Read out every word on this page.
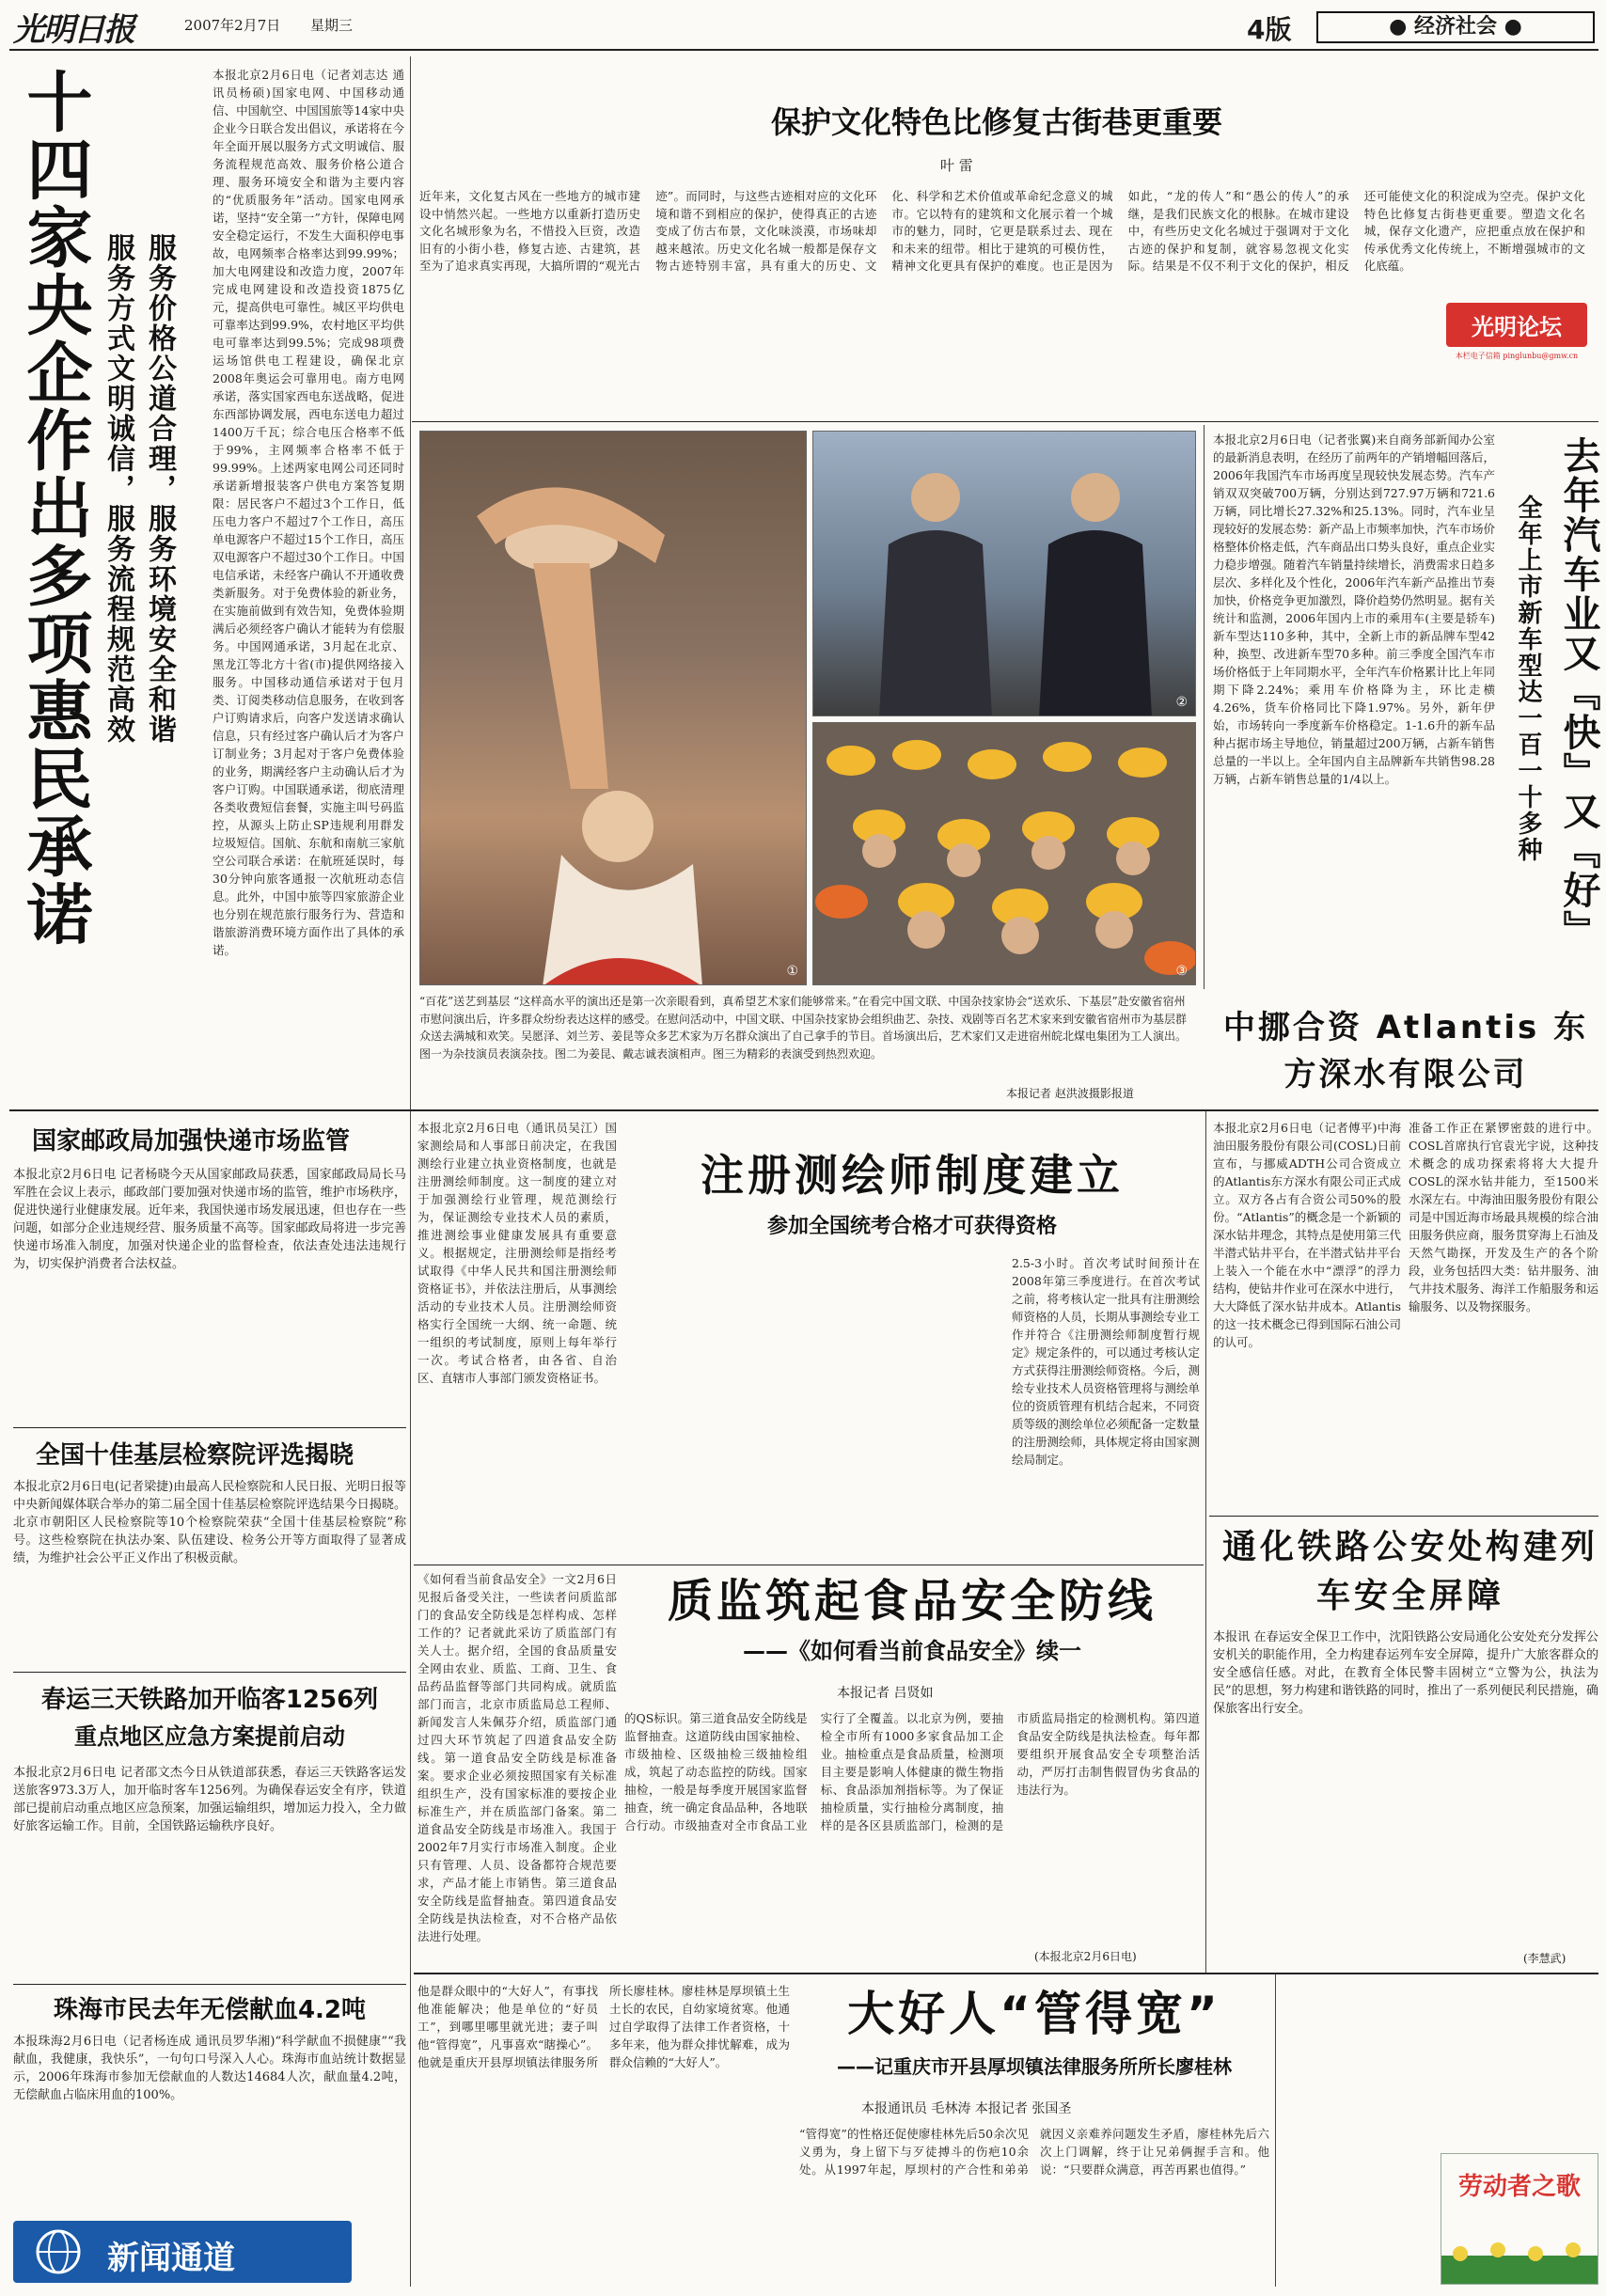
光明日报	2007年2月7日 星期三	4版	● 经济社会 ●
十四家央企作出多项惠民承诺 服务价格公道合理，服务环境安全和谐
服务方式文明诚信，服务流程规范高效
本报北京2月6日电（记者刘志达 通讯员杨硕)国家电网、中国移动通信、中国航空、中国国旅等14家中央企业今日联合发出倡议，承诺将在今年全面开展以服务方式文明诚信、服务流程规范高效、服务价格公道合理、服务环境安全和谐为主要内容的“优质服务年”活动。国家电网承诺，坚持“安全第一”方针，保障电网安全稳定运行，不发生大面积停电事故，电网频率合格率达到99.99%；加大电网建设和改造力度，2007年完成电网建设和改造投资1875亿元，提高供电可靠性。城区平均供电可靠率达到99.9%，农村地区平均供电可靠率达到99.5%；完成98项费运场馆供电工程建设，确保北京2008年奥运会可靠用电。南方电网承诺，落实国家西电东送战略，促进东西部协调发展，西电东送电力超过1400万千瓦；综合电压合格率不低于99%，主网频率合格率不低于99.99%。上述两家电网公司还同时承诺新增报装客户供电方案答复期限：居民客户不超过3个工作日，低压电力客户不超过7个工作日，高压单电源客户不超过15个工作日，高压双电源客户不超过30个工作日。中国电信承诺，未经客户确认不开通收费类新服务。对于免费体验的新业务，在实施前做到有效告知，免费体验期满后必须经客户确认才能转为有偿服务。中国网通承诺，3月起在北京、黑龙江等北方十省(市)提供网络接入服务。中国移动通信承诺对于包月类、订阅类移动信息服务，在收到客户订购请求后，向客户发送请求确认信息，只有经过客户确认后才为客户订制业务；3月起对于客户免费体验的业务，期满经客户主动确认后才为客户订购。中国联通承诺，彻底清理各类收费短信套餐，实施主叫号码监控，从源头上防止SP违规利用群发垃圾短信。国航、东航和南航三家航空公司联合承诺：在航班延误时，每30分钟向旅客通报一次航班动态信息。此外，中国中旅等四家旅游企业也分别在规范旅行服务行为、营造和谐旅游消费环境方面作出了具体的承诺。
保护文化特色比修复古街巷更重要
叶 雷
近年来，文化复古风在一些地方的城市建设中悄然兴起。一些地方以重新打造历史文化名城形象为名，不惜投入巨资，改造旧有的小街小巷，修复古迹、古建筑，甚至为了追求真实再现，大搞所谓的“观光古迹”。而同时，与这些古迹相对应的文化环境和谐不到相应的保护，使得真正的古迹变成了仿古布景，文化味淡漠，市场味却越来越浓。历史文化名城一般都是保存文物古迹特别丰富，具有重大的历史、文化、科学和艺术价值或革命纪念意义的城市。它以特有的建筑和文化展示着一个城市的魅力，同时，它更是联系过去、现在和未来的纽带。相比于建筑的可模仿性，精神文化更具有保护的难度。也正是因为如此，“龙的传人”和“愚公的传人”的承继，是我们民族文化的根脉。在城市建设中，有些历史文化名城过于强调对于文化古迹的保护和复制，就容易忽视文化实际。结果是不仅不利于文化的保护，相反还可能使文化的积淀成为空壳。保护文化特色比修复古街巷更重要。塑造文化名城，保存文化遗产，应把重点放在保护和传承优秀文化传统上，不断增强城市的文化底蕴。
光明论坛
本栏电子信箱 pinglunbu@gmw.cn
①
②
③
“百花”送艺到基层 “这样高水平的演出还是第一次亲眼看到，真希望艺术家们能够常来。”在看完中国文联、中国杂技家协会“送欢乐、下基层”赴安徽省宿州市慰问演出后，许多群众纷纷表达这样的感受。在慰问活动中，中国文联、中国杂技家协会组织曲艺、杂技、戏剧等百名艺术家来到安徽省宿州市为基层群众送去满城和欢笑。吴愿泽、刘兰芳、姜昆等众多艺术家为万名群众演出了自己拿手的节目。首场演出后，艺术家们又走进宿州皖北煤电集团为工人演出。图一为杂技演员表演杂技。图二为姜昆、戴志诚表演相声。图三为精彩的表演受到热烈欢迎。
本报记者 赵洪波摄影报道
本报北京2月6日电（记者张翼)来自商务部新闻办公室的最新消息表明，在经历了前两年的产销增幅回落后，2006年我国汽车市场再度呈现较快发展态势。汽车产销双双突破700万辆，分别达到727.97万辆和721.6万辆，同比增长27.32%和25.13%。同时，汽车业呈现较好的发展态势：新产品上市频率加快，汽车市场价格整体价格走低，汽车商品出口势头良好，重点企业实力稳步增强。随着汽车销量持续增长，消费需求日趋多层次、多样化及个性化，2006年汽车新产品推出节奏加快，价格竞争更加激烈，降价趋势仍然明显。据有关统计和监测，2006年国内上市的乘用车(主要是轿车)新车型达110多种，其中，全新上市的新品牌车型42种，换型、改进新车型70多种。前三季度全国汽车市场价格低于上年同期水平，全年汽车价格累计比上年同期下降2.24%；乘用车价格降为主，环比走横4.26%，货车价格同比下降1.97%。另外，新年伊始，市场转向一季度新车价格稳定。1-1.6升的新车品种占据市场主导地位，销量超过200万辆，占新车销售总量的一半以上。全年国内自主品牌新车共销售98.28万辆，占新车销售总量的1/4以上。	去年汽车业又『快』又『好』
全年上市新车型达一百一十多种
国家邮政局加强快递市场监管
本报北京2月6日电 记者杨晓今天从国家邮政局获悉，国家邮政局局长马军胜在会议上表示，邮政部门要加强对快递市场的监管，维护市场秩序，促进快递行业健康发展。近年来，我国快递市场发展迅速，但也存在一些问题，如部分企业违规经营、服务质量不高等。国家邮政局将进一步完善快递市场准入制度，加强对快递企业的监督检查，依法查处违法违规行为，切实保护消费者合法权益。
全国十佳基层检察院评选揭晓
本报北京2月6日电(记者梁捷)由最高人民检察院和人民日报、光明日报等中央新闻媒体联合举办的第二届全国十佳基层检察院评选结果今日揭晓。北京市朝阳区人民检察院等10个检察院荣获“全国十佳基层检察院”称号。这些检察院在执法办案、队伍建设、检务公开等方面取得了显著成绩，为维护社会公平正义作出了积极贡献。
春运三天铁路加开临客1256列
重点地区应急方案提前启动
本报北京2月6日电 记者邵文杰今日从铁道部获悉，春运三天铁路客运发送旅客973.3万人，加开临时客车1256列。为确保春运安全有序，铁道部已提前启动重点地区应急预案，加强运输组织，增加运力投入，全力做好旅客运输工作。目前，全国铁路运输秩序良好。
珠海市民去年无偿献血4.2吨
本报珠海2月6日电（记者杨连成 通讯员罗华湘)“科学献血不损健康”“我献血，我健康，我快乐”，一句句口号深入人心。珠海市血站统计数据显示，2006年珠海市参加无偿献血的人数达14684人次，献血量4.2吨，无偿献血占临床用血的100%。
新闻通道
本报北京2月6日电（通讯员吴江）国家测绘局和人事部日前决定，在我国测绘行业建立执业资格制度，也就是注册测绘师制度。这一制度的建立对于加强测绘行业管理，规范测绘行为，保证测绘专业技术人员的素质，推进测绘事业健康发展具有重要意义。根据规定，注册测绘师是指经考试取得《中华人民共和国注册测绘师资格证书》，并依法注册后，从事测绘活动的专业技术人员。注册测绘师资格实行全国统一大纲、统一命题、统一组织的考试制度，原则上每年举行一次。考试合格者，由各省、自治区、直辖市人事部门颁发资格证书。
注册测绘师制度建立
参加全国统考合格才可获得资格
2.5-3小时。首次考试时间预计在2008年第三季度进行。在首次考试之前，将考核认定一批具有注册测绘师资格的人员，长期从事测绘专业工作并符合《注册测绘师制度暂行规定》规定条件的，可以通过考核认定方式获得注册测绘师资格。今后，测绘专业技术人员资格管理将与测绘单位的资质管理有机结合起来，不同资质等级的测绘单位必须配备一定数量的注册测绘师，具体规定将由国家测绘局制定。
《如何看当前食品安全》一文2月6日见报后备受关注，一些读者问质监部门的食品安全防线是怎样构成、怎样工作的？记者就此采访了质监部门有关人士。据介绍，全国的食品质量安全网由农业、质监、工商、卫生、食品药品监督等部门共同构成。就质监部门而言，北京市质监局总工程师、新闻发言人朱佩芬介绍，质监部门通过四大环节筑起了四道食品安全防线。第一道食品安全防线是标准备案。要求企业必须按照国家有关标准组织生产，没有国家标准的要按企业标准生产，并在质监部门备案。第二道食品安全防线是市场准入。我国于2002年7月实行市场准入制度。企业只有管理、人员、设备都符合规范要求，产品才能上市销售。第三道食品安全防线是监督抽查。第四道食品安全防线是执法检查，对不合格产品依法进行处理。
质监筑起食品安全防线
——《如何看当前食品安全》续一
本报记者 吕贤如
的QS标识。第三道食品安全防线是监督抽查。这道防线由国家抽检、市级抽检、区级抽检三级抽检组成，筑起了动态监控的防线。国家抽检，一般是每季度开展国家监督抽查，统一确定食品品种，各地联合行动。市级抽查对全市食品工业实行了全覆盖。以北京为例，要抽检全市所有1000多家食品加工企业。抽检重点是食品质量，检测项目主要是影响人体健康的微生物指标、食品添加剂指标等。为了保证抽检质量，实行抽检分离制度，抽样的是各区县质监部门，检测的是市质监局指定的检测机构。第四道食品安全防线是执法检查。每年都要组织开展食品安全专项整治活动，严厉打击制售假冒伪劣食品的违法行为。
(本报北京2月6日电)
中挪合资 Atlantis 东方深水有限公司
本报北京2月6日电（记者傅平)中海油田服务股份有限公司(COSL)日前宣布，与挪威ADTH公司合资成立的Atlantis东方深水有限公司正式成立。双方各占有合资公司50%的股份。“Atlantis”的概念是一个新颖的深水钻井理念，其特点是使用第三代半潜式钻井平台，在半潜式钻井平台上装入一个能在水中“漂浮”的浮力结构，使钻井作业可在深水中进行，大大降低了深水钻井成本。Atlantis的这一技术概念已得到国际石油公司的认可。
准备工作正在紧锣密鼓的进行中。COSL首席执行官袁光宇说，这种技术概念的成功探索将将大大提升COSL的深水钻井能力，至1500米水深左右。中海油田服务股份有限公司是中国近海市场最具规模的综合油田服务供应商，服务贯穿海上石油及天然气勘探，开发及生产的各个阶段，业务包括四大类：钻井服务、油气井技术服务、海洋工作船服务和运输服务、以及物探服务。
通化铁路公安处构建列车安全屏障
本报讯 在春运安全保卫工作中，沈阳铁路公安局通化公安处充分发挥公安机关的职能作用，全力构建春运列车安全屏障，提升广大旅客群众的安全感信任感。对此，在教育全体民警丰固树立“立警为公，执法为民”的思想，努力构建和谐铁路的同时，推出了一系列便民利民措施，确保旅客出行安全。
(李慧武)
他是群众眼中的“大好人”，有事找他准能解决；他是单位的“好员工”，到哪里哪里就光进；妻子叫他“管得宽”，凡事喜欢“瞎操心”。他就是重庆开县厚坝镇法律服务所所长廖桂林。廖桂林是厚坝镇土生土长的农民，自幼家境贫寒。他通过自学取得了法律工作者资格，十多年来，他为群众排忧解难，成为群众信赖的“大好人”。
大好人“管得宽”
——记重庆市开县厚坝镇法律服务所所长廖桂林
本报通讯员 毛林涛 本报记者 张国圣
“管得宽”的性格还促使廖桂林先后50余次见义勇为，身上留下与歹徒搏斗的伤疤10余处。从1997年起，厚坝村的产合性和弟弟就因义亲难养问题发生矛盾，廖桂林先后六次上门调解，终于让兄弟俩握手言和。他说：“只要群众满意，再苦再累也值得。”
劳动者之歌
